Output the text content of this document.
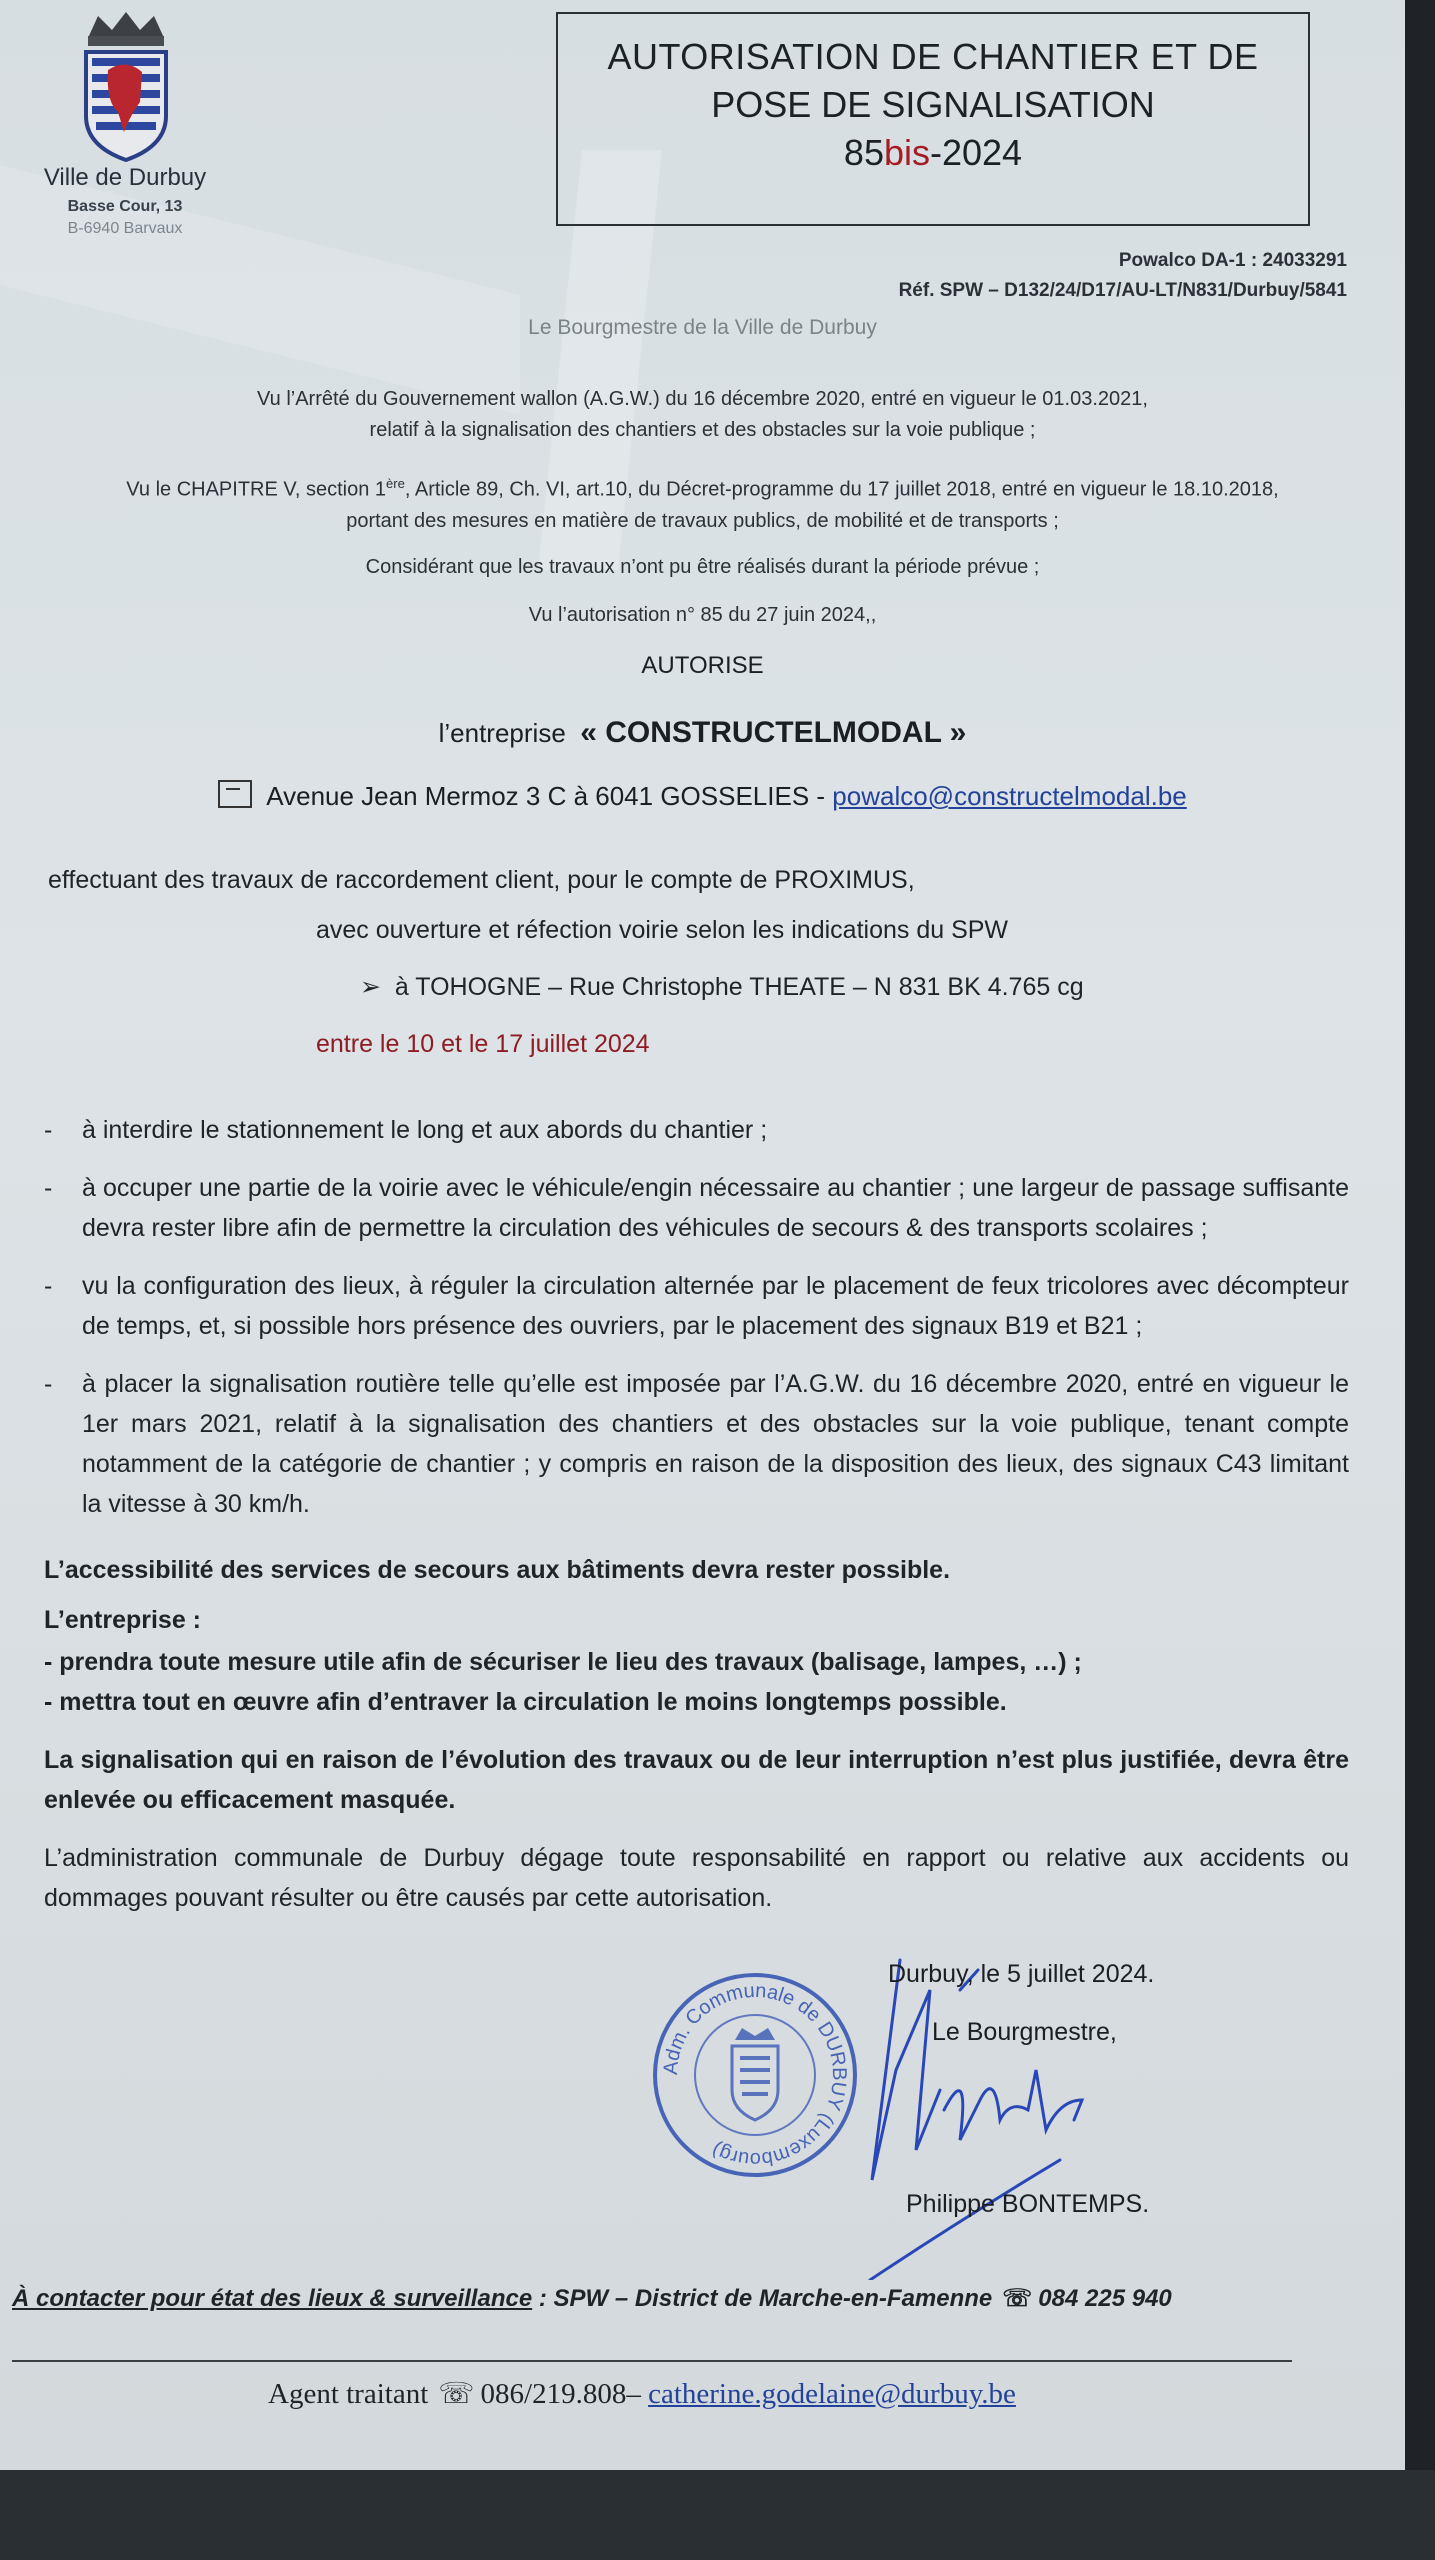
Ville de Durbuy
Basse Cour, 13
B-6940 Barvaux
AUTORISATION DE CHANTIER ET DE
POSE DE SIGNALISATION
85bis-2024
Powalco DA-1 : 24033291
Réf. SPW – D132/24/D17/AU-LT/N831/Durbuy/5841
Le Bourgmestre de la Ville de Durbuy
Vu l’Arrêté du Gouvernement wallon (A.G.W.) du 16 décembre 2020, entré en vigueur le 01.03.2021,
relatif à la signalisation des chantiers et des obstacles sur la voie publique ;
Vu le CHAPITRE V, section 1ère, Article 89, Ch. VI, art.10, du Décret-programme du 17 juillet 2018, entré en vigueur le 18.10.2018,
portant des mesures en matière de travaux publics, de mobilité et de transports ;
Considérant que les travaux n’ont pu être réalisés durant la période prévue ;
Vu l’autorisation n° 85 du 27 juin 2024,,
AUTORISE
l’entreprise « CONSTRUCTELMODAL »
Avenue Jean Mermoz 3 C à 6041 GOSSELIES - powalco@constructelmodal.be
effectuant des travaux de raccordement client, pour le compte de PROXIMUS,
avec ouverture et réfection voirie selon les indications du SPW
➢ à TOHOGNE – Rue Christophe THEATE – N 831 BK 4.765 cg
entre le 10 et le 17 juillet 2024
-	à interdire le stationnement le long et aux abords du chantier ;
-	à occuper une partie de la voirie avec le véhicule/engin nécessaire au chantier ; une largeur de passage suffisante devra rester libre afin de permettre la circulation des véhicules de secours & des transports scolaires ;
-	vu la configuration des lieux, à réguler la circulation alternée par le placement de feux tricolores avec décompteur de temps, et, si possible hors présence des ouvriers, par le placement des signaux B19 et B21 ;
-	à placer la signalisation routière telle qu’elle est imposée par l’A.G.W. du 16 décembre 2020, entré en vigueur le 1er mars 2021, relatif à la signalisation des chantiers et des obstacles sur la voie publique, tenant compte notamment de la catégorie de chantier ; y compris en raison de la disposition des lieux, des signaux C43 limitant la vitesse à 30 km/h.
L’accessibilité des services de secours aux bâtiments devra rester possible.
L’entreprise :
- prendra toute mesure utile afin de sécuriser le lieu des travaux (balisage, lampes, …) ;
- mettra tout en œuvre afin d’entraver la circulation le moins longtemps possible.
La signalisation qui en raison de l’évolution des travaux ou de leur interruption n’est plus justifiée, devra être enlevée ou efficacement masquée.
L’administration communale de Durbuy dégage toute responsabilité en rapport ou relative aux accidents ou dommages pouvant résulter ou être causés par cette autorisation.
Adm. Communale de DURBUY (Luxembourg)
Durbuy, le 5 juillet 2024.
Le Bourgmestre,
Philippe BONTEMPS.
À contacter pour état des lieux & surveillance : SPW – District de Marche-en-Famenne ☏ 084 225 940
Agent traitant ☏ 086/219.808– catherine.godelaine@durbuy.be
